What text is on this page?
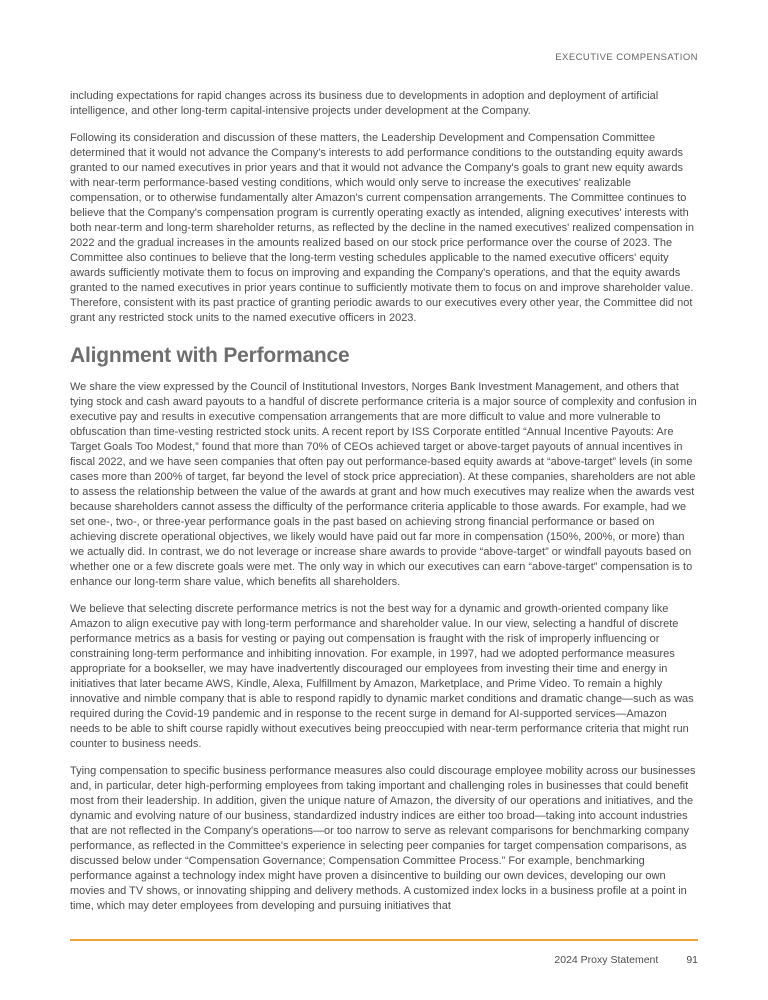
EXECUTIVE COMPENSATION

including expectations for rapid changes across its business due to developments in adoption and deployment of artificial intelligence, and other long-term capital-intensive projects under development at the Company.

Following its consideration and discussion of these matters, the Leadership Development and Compensation Committee determined that it would not advance the Company's interests to add performance conditions to the outstanding equity awards granted to our named executives in prior years and that it would not advance the Company's goals to grant new equity awards with near-term performance-based vesting conditions, which would only serve to increase the executives' realizable compensation, or to otherwise fundamentally alter Amazon's current compensation arrangements. The Committee continues to believe that the Company's compensation program is currently operating exactly as intended, aligning executives' interests with both near-term and long-term shareholder returns, as reflected by the decline in the named executives' realized compensation in 2022 and the gradual increases in the amounts realized based on our stock price performance over the course of 2023. The Committee also continues to believe that the long-term vesting schedules applicable to the named executive officers' equity awards sufficiently motivate them to focus on improving and expanding the Company's operations, and that the equity awards granted to the named executives in prior years continue to sufficiently motivate them to focus on and improve shareholder value. Therefore, consistent with its past practice of granting periodic awards to our executives every other year, the Committee did not grant any restricted stock units to the named executive officers in 2023.

Alignment with Performance

We share the view expressed by the Council of Institutional Investors, Norges Bank Investment Management, and others that tying stock and cash award payouts to a handful of discrete performance criteria is a major source of complexity and confusion in executive pay and results in executive compensation arrangements that are more difficult to value and more vulnerable to obfuscation than time-vesting restricted stock units. A recent report by ISS Corporate entitled “Annual Incentive Payouts: Are Target Goals Too Modest,” found that more than 70% of CEOs achieved target or above-target payouts of annual incentives in fiscal 2022, and we have seen companies that often pay out performance-based equity awards at “above-target” levels (in some cases more than 200% of target, far beyond the level of stock price appreciation). At these companies, shareholders are not able to assess the relationship between the value of the awards at grant and how much executives may realize when the awards vest because shareholders cannot assess the difficulty of the performance criteria applicable to those awards. For example, had we set one-, two-, or three-year performance goals in the past based on achieving strong financial performance or based on achieving discrete operational objectives, we likely would have paid out far more in compensation (150%, 200%, or more) than we actually did. In contrast, we do not leverage or increase share awards to provide “above-target” or windfall payouts based on whether one or a few discrete goals were met. The only way in which our executives can earn “above-target” compensation is to enhance our long-term share value, which benefits all shareholders.

We believe that selecting discrete performance metrics is not the best way for a dynamic and growth-oriented company like Amazon to align executive pay with long-term performance and shareholder value. In our view, selecting a handful of discrete performance metrics as a basis for vesting or paying out compensation is fraught with the risk of improperly influencing or constraining long-term performance and inhibiting innovation. For example, in 1997, had we adopted performance measures appropriate for a bookseller, we may have inadvertently discouraged our employees from investing their time and energy in initiatives that later became AWS, Kindle, Alexa, Fulfillment by Amazon, Marketplace, and Prime Video. To remain a highly innovative and nimble company that is able to respond rapidly to dynamic market conditions and dramatic change—such as was required during the Covid-19 pandemic and in response to the recent surge in demand for AI-supported services—Amazon needs to be able to shift course rapidly without executives being preoccupied with near-term performance criteria that might run counter to business needs.

Tying compensation to specific business performance measures also could discourage employee mobility across our businesses and, in particular, deter high-performing employees from taking important and challenging roles in businesses that could benefit most from their leadership. In addition, given the unique nature of Amazon, the diversity of our operations and initiatives, and the dynamic and evolving nature of our business, standardized industry indices are either too broad—taking into account industries that are not reflected in the Company's operations—or too narrow to serve as relevant comparisons for benchmarking company performance, as reflected in the Committee's experience in selecting peer companies for target compensation comparisons, as discussed below under “Compensation Governance; Compensation Committee Process.” For example, benchmarking performance against a technology index might have proven a disincentive to building our own devices, developing our own movies and TV shows, or innovating shipping and delivery methods. A customized index locks in a business profile at a point in time, which may deter employees from developing and pursuing initiatives that

2024 Proxy Statement	91
